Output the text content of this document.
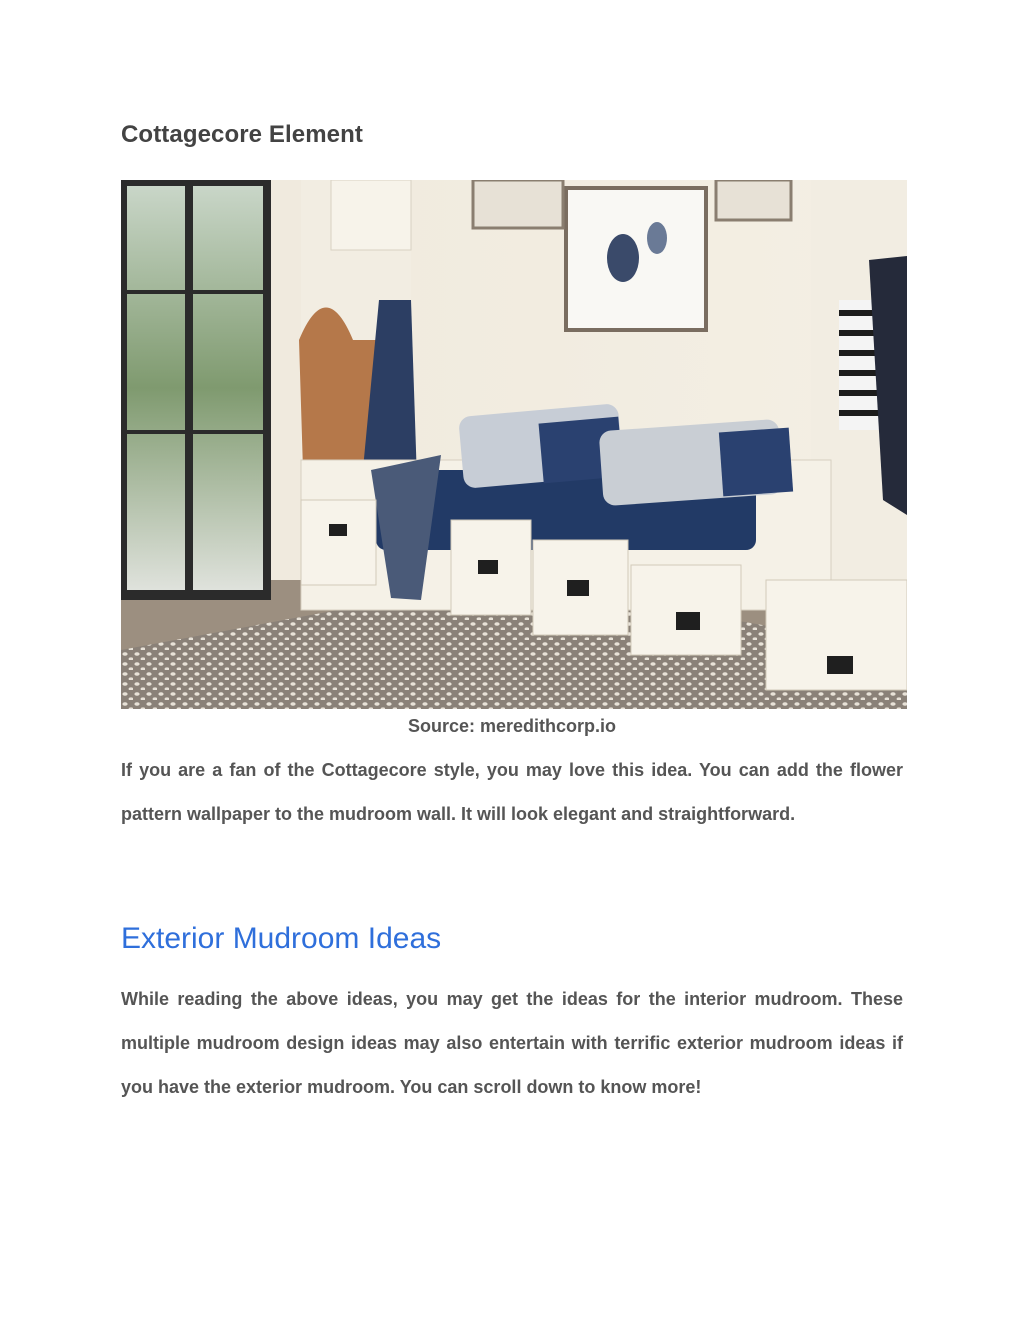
Cottagecore Element
Source: meredithcorp.io

If you are a fan of the Cottagecore style, you may love this idea. You can add the flower pattern wallpaper to the mudroom wall. It will look elegant and straightforward.

Exterior Mudroom Ideas

While reading the above ideas, you may get the ideas for the interior mudroom. These multiple mudroom design ideas may also entertain with terrific exterior mudroom ideas if you have the exterior mudroom. You can scroll down to know more!
